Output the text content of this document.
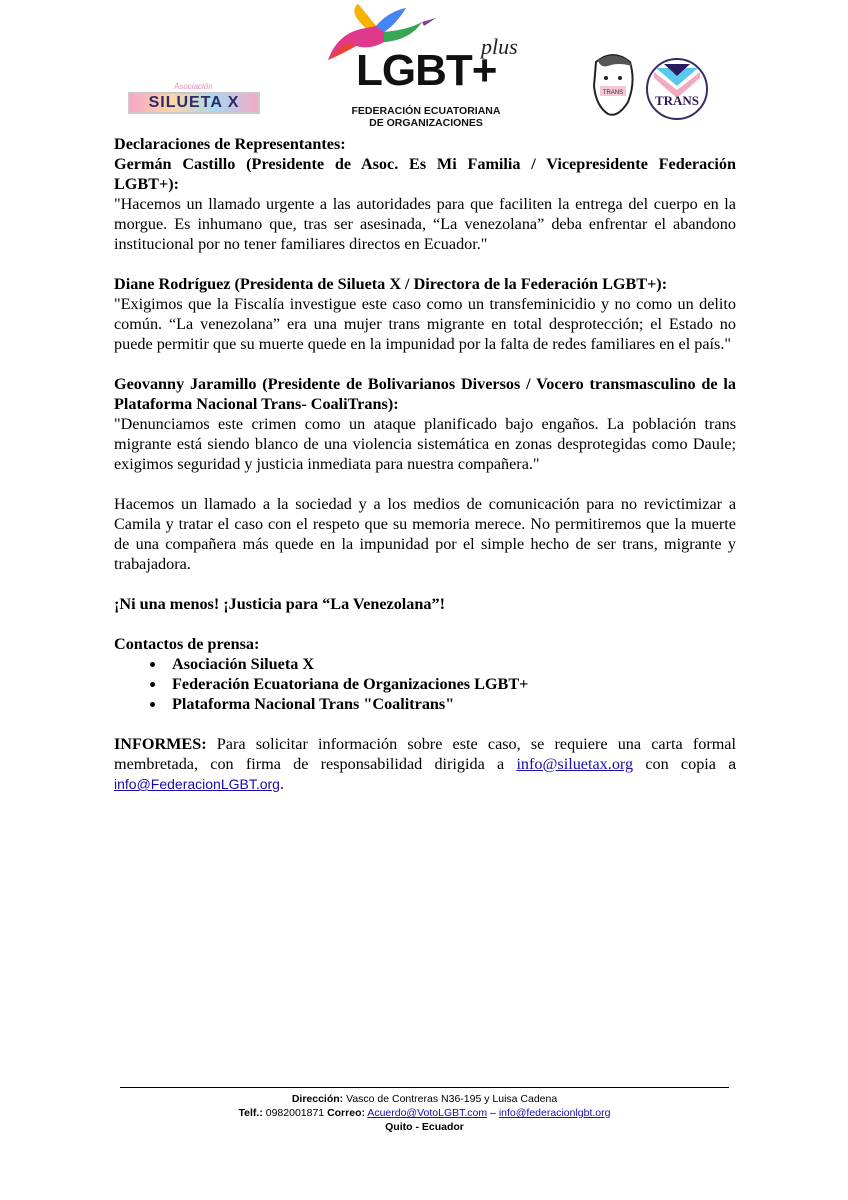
Asociación
SILUETA X
plus
LGBT+
FEDERACIÓN ECUATORIANA
DE ORGANIZACIONES
TRANS TRANS

Declaraciones de Representantes:

Germán Castillo (Presidente de Asoc. Es Mi Familia / Vicepresidente Federación LGBT+):

"Hacemos un llamado urgente a las autoridades para que faciliten la entrega del cuerpo en la morgue. Es inhumano que, tras ser asesinada, “La venezolana” deba enfrentar el abandono institucional por no tener familiares directos en Ecuador."

Diane Rodríguez (Presidenta de Silueta X / Directora de la Federación LGBT+):

"Exigimos que la Fiscalía investigue este caso como un transfeminicidio y no como un delito común. “La venezolana” era una mujer trans migrante en total desprotección; el Estado no puede permitir que su muerte quede en la impunidad por la falta de redes familiares en el país."

Geovanny Jaramillo (Presidente de Bolivarianos Diversos / Vocero transmasculino de la Plataforma Nacional Trans- CoaliTrans):

"Denunciamos este crimen como un ataque planificado bajo engaños. La población trans migrante está siendo blanco de una violencia sistemática en zonas desprotegidas como Daule; exigimos seguridad y justicia inmediata para nuestra compañera."

Hacemos un llamado a la sociedad y a los medios de comunicación para no revictimizar a Camila y tratar el caso con el respeto que su memoria merece. No permitiremos que la muerte de una compañera más quede en la impunidad por el simple hecho de ser trans, migrante y trabajadora.

¡Ni una menos! ¡Justicia para “La Venezolana”!

Contactos de prensa:

• Asociación Silueta X
• Federación Ecuatoriana de Organizaciones LGBT+
• Plataforma Nacional Trans "Coalitrans"

INFORMES: Para solicitar información sobre este caso, se requiere una carta formal membretada, con firma de responsabilidad dirigida a info@siluetax.org con copia a info@FederacionLGBT.org.

Dirección: Vasco de Contreras N36-195 y Luisa Cadena
Telf.: 0982001871 Correo: Acuerdo@VotoLGBT.com – info@federacionlgbt.org
Quito - Ecuador
